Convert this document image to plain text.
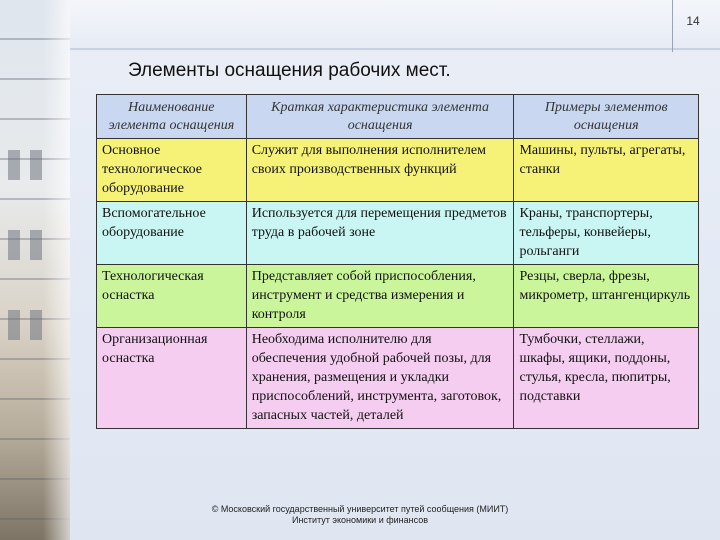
14
Элементы оснащения рабочих мест.
Наименование элемента оснащения	Краткая характеристика элемента оснащения	Примеры элементов оснащения
Основное технологическое оборудование	Служит для выполнения исполнителем своих производственных функций	Машины, пульты, агрегаты, станки
Вспомогательное оборудование	Используется для перемещения предметов труда в рабочей зоне	Краны, транспортеры, тельферы, конвейеры, рольганги
Технологическая оснастка	Представляет собой приспособления, инструмент и средства измерения и контроля	Резцы, сверла, фрезы, микрометр, штангенциркуль
Организационная оснастка	Необходима исполнителю для обеспечения удобной рабочей позы, для хранения, размещения и укладки приспособлений, инструмента, заготовок, запасных частей, деталей	Тумбочки, стеллажи, шкафы, ящики, поддоны, стулья, кресла, пюпитры, подставки
© Московский государственный университет путей сообщения (МИИТ)
Институт экономики и финансов
